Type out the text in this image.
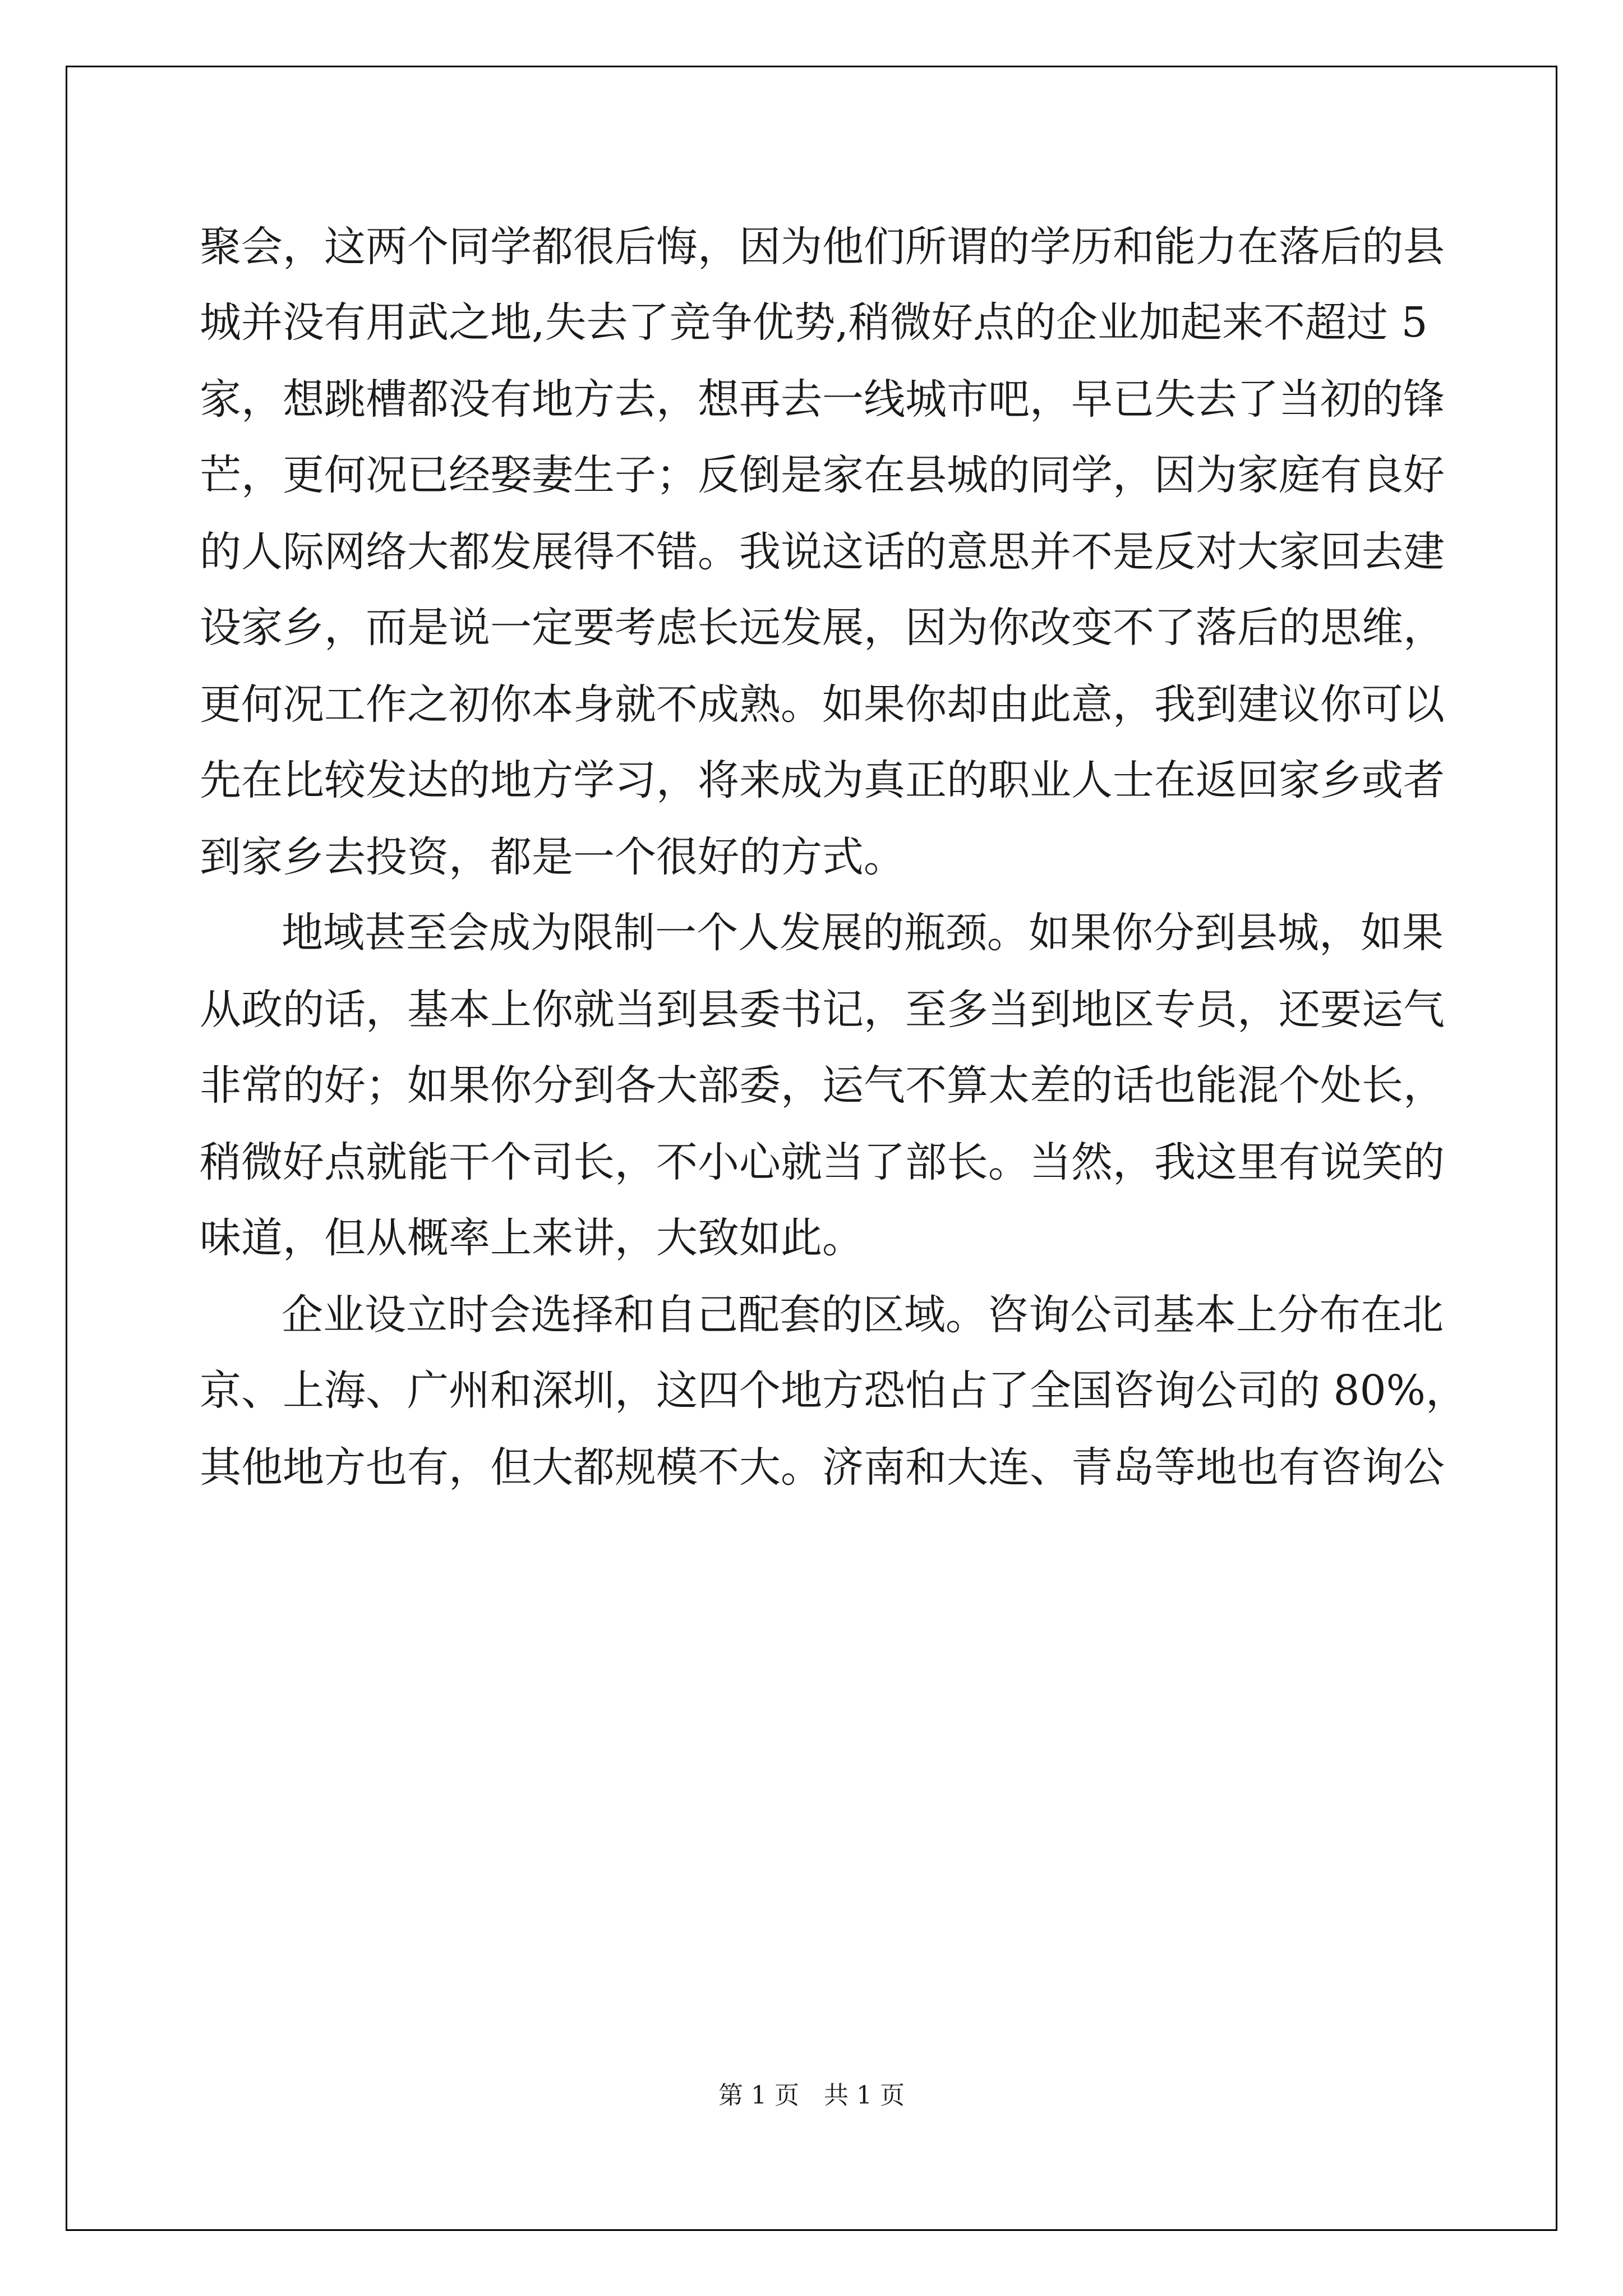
聚会，这两个同学都很后悔，因为他们所谓的学历和能力在落后的县
城并没有用武之地,失去了竞争优势,稍微好点的企业加起来不超过 5
家，想跳槽都没有地方去，想再去一线城市吧，早已失去了当初的锋
芒，更何况已经娶妻生子；反倒是家在县城的同学，因为家庭有良好
的人际网络大都发展得不错。我说这话的意思并不是反对大家回去建
设家乡，而是说一定要考虑长远发展，因为你改变不了落后的思维，
更何况工作之初你本身就不成熟。如果你却由此意，我到建议你可以
先在比较发达的地方学习，将来成为真正的职业人士在返回家乡或者
到家乡去投资，都是一个很好的方式。
地域甚至会成为限制一个人发展的瓶颈。如果你分到县城，如果
从政的话，基本上你就当到县委书记，至多当到地区专员，还要运气
非常的好；如果你分到各大部委，运气不算太差的话也能混个处长，
稍微好点就能干个司长，不小心就当了部长。当然，我这里有说笑的
味道，但从概率上来讲，大致如此。
企业设立时会选择和自己配套的区域。咨询公司基本上分布在北
京、上海、广州和深圳，这四个地方恐怕占了全国咨询公司的 80%，
其他地方也有，但大都规模不大。济南和大连、青岛等地也有咨询公
第 1 页　共 1 页
